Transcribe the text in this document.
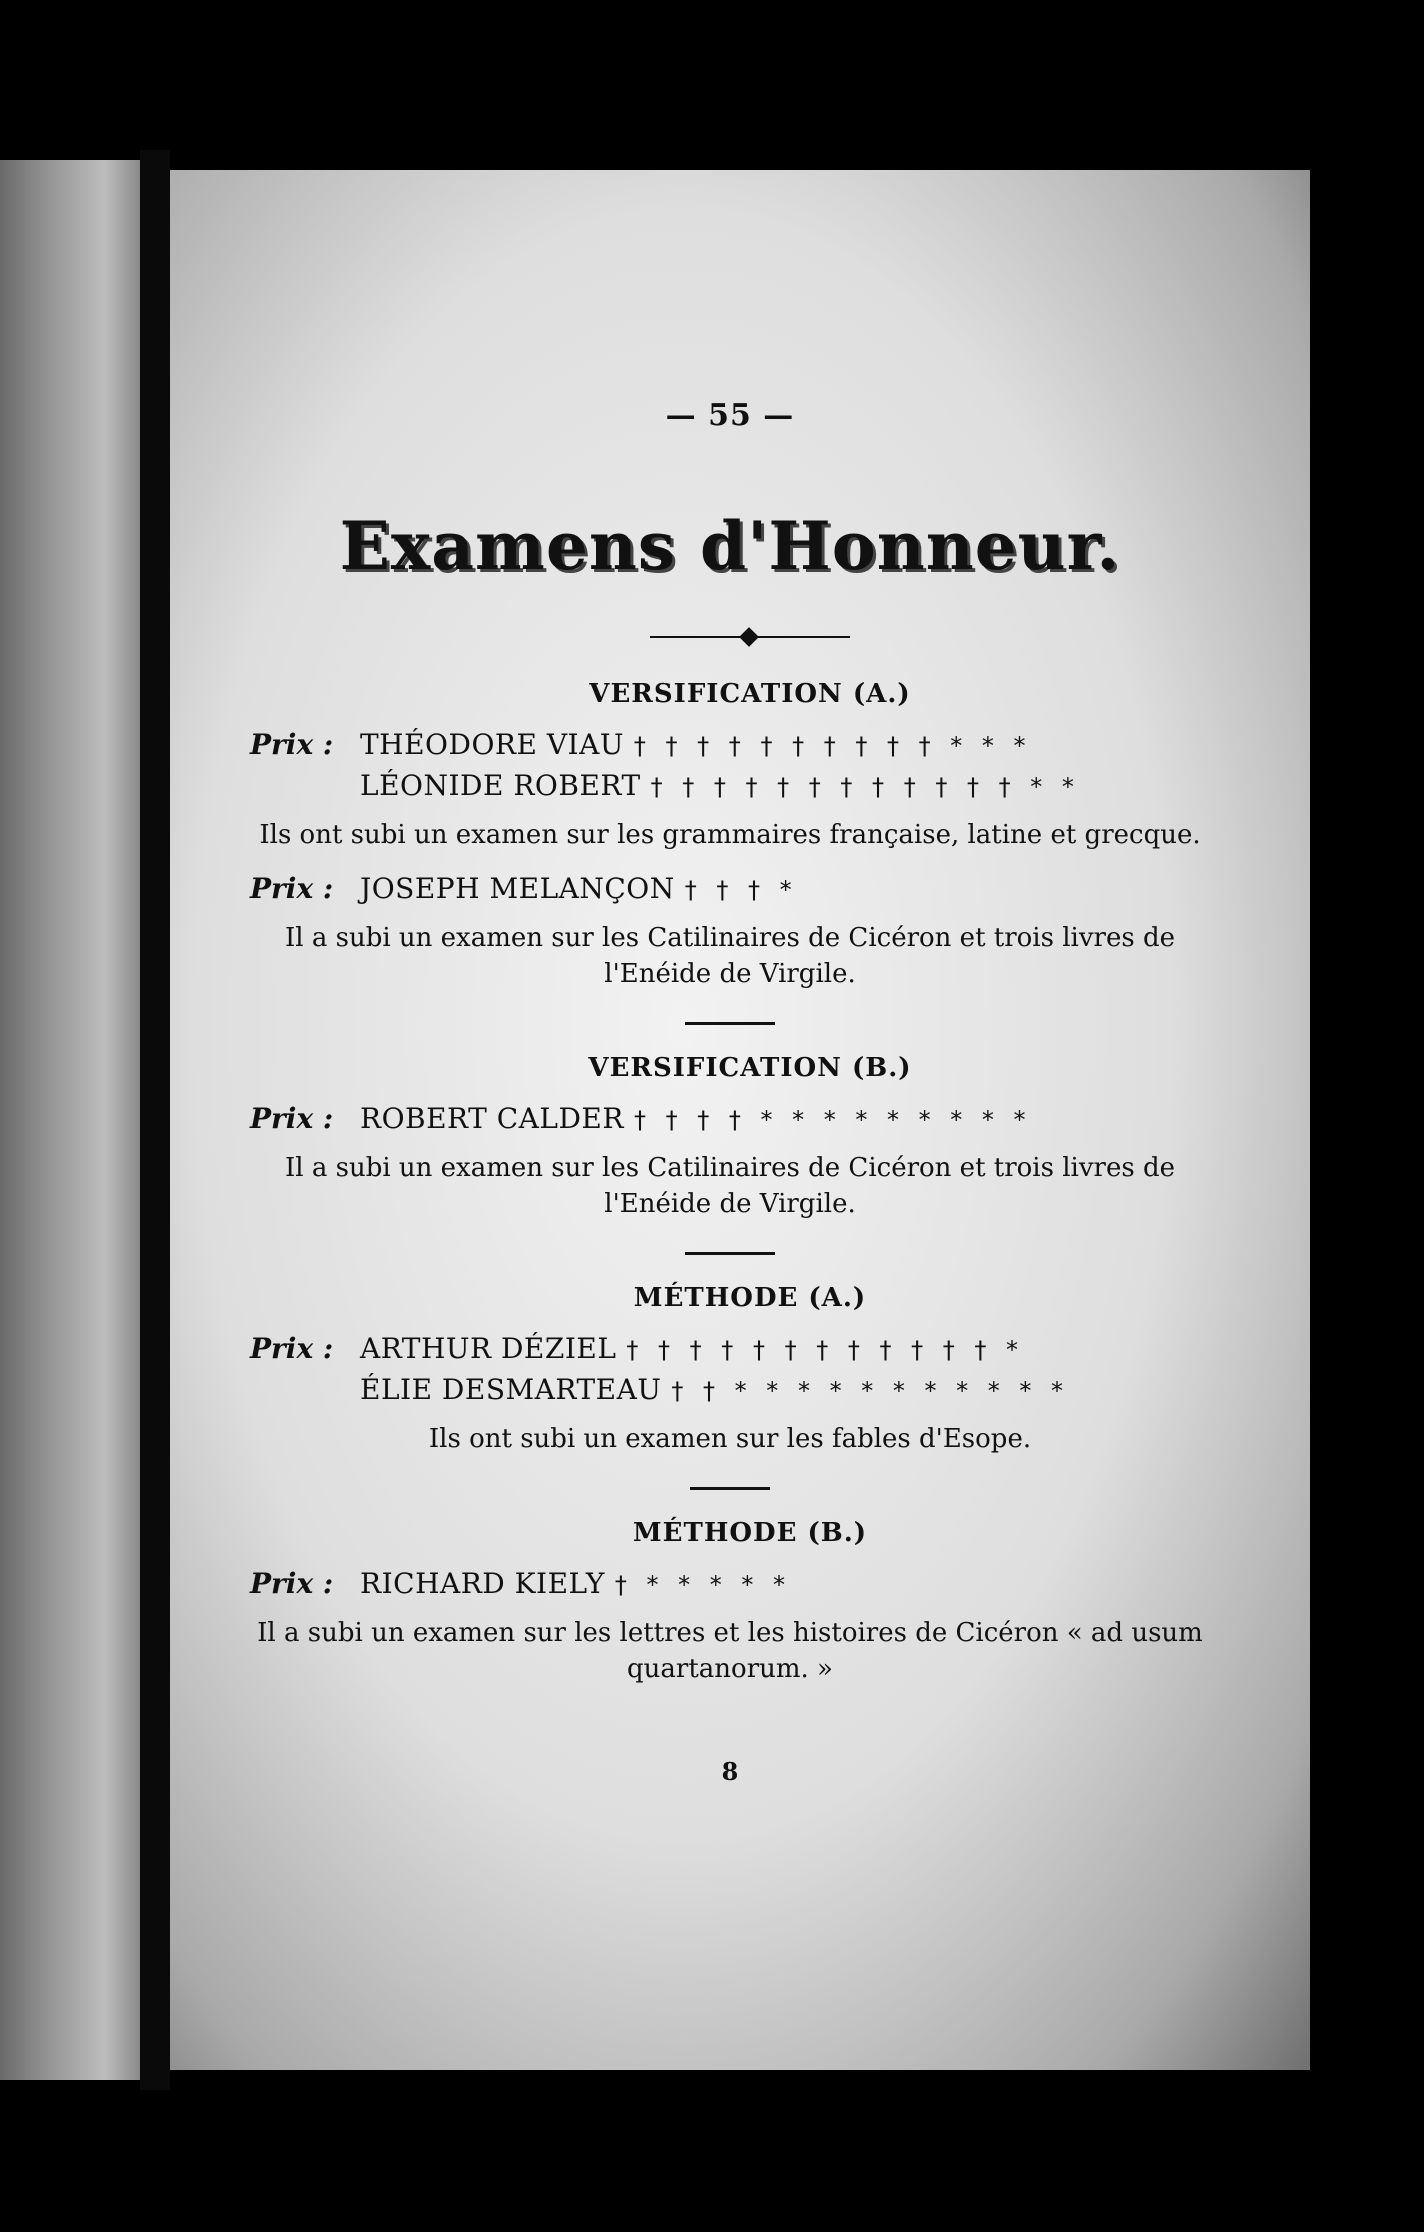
— 55 —
Examens d'Honneur.
VERSIFICATION (A.)
Prix : THÉODORE VIAU † † † † † † † † † † * * *
LÉONIDE ROBERT † † † † † † † † † † † † * *
Ils ont subi un examen sur les grammaires française, latine et grecque.
Prix : JOSEPH MELANÇON † † † *
Il a subi un examen sur les Catilinaires de Cicéron et trois livres de l'Enéide de Virgile.
VERSIFICATION (B.)
Prix : ROBERT CALDER † † † † * * * * * * * * *
Il a subi un examen sur les Catilinaires de Cicéron et trois livres de l'Enéide de Virgile.
MÉTHODE (A.)
Prix : ARTHUR DÉZIEL † † † † † † † † † † † † *
ÉLIE DESMARTEAU † † * * * * * * * * * * *
Ils ont subi un examen sur les fables d'Esope.
MÉTHODE (B.)
Prix : RICHARD KIELY † * * * * *
Il a subi un examen sur les lettres et les histoires de Cicéron « ad usum quartanorum. »
8
